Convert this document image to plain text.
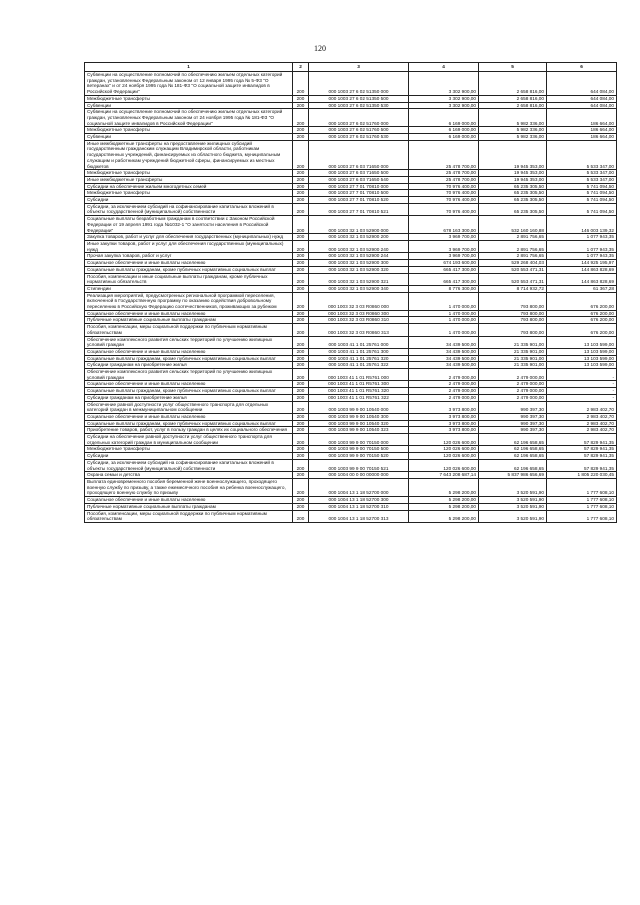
120
1	2	3	4	5	6
Субвенции на осуществление полномочий по обеспечению жильем отдельных категорий граждан, установленных Федеральным законом от 12 января 1995 года № 5-ФЗ "О ветеранах" и от 24 ноября 1995 года № 181-ФЗ "О социальной защите инвалидов в Российской Федерации"	200	000 1003 27 6 02 51350 000	3 302 900,00	2 658 816,00	644 084,00
Межбюджетные трансферты	200	000 1003 27 6 02 51350 500	3 302 900,00	2 658 816,00	644 084,00
Субвенции	200	000 1003 27 6 02 51350 530	3 302 900,00	2 658 816,00	644 084,00
Субвенции на осуществление полномочий по обеспечению жильем отдельных категорий граждан, установленных Федеральным законом от 24 ноября 1995 года № 181-ФЗ "О социальной защите инвалидов в Российской Федерации"	200	000 1003 27 6 02 51760 000	6 169 000,00	5 982 336,00	186 664,00
Межбюджетные трансферты	200	000 1003 27 6 02 51760 500	6 169 000,00	5 982 336,00	186 664,00
Субвенции	200	000 1003 27 6 02 51760 530	6 169 000,00	5 982 336,00	186 664,00
Иные межбюджетные трансферты на предоставление жилищных субсидий государственным гражданским служащим Владимирской области, работникам государственных учреждений, финансируемых из областного бюджета, муниципальным служащим и работникам учреждений бюджетной сферы, финансируемых из местных бюджетов	200	000 1003 27 6 03 71650 000	25 478 700,00	19 945 353,00	5 533 347,00
Межбюджетные трансферты	200	000 1003 27 6 03 71650 500	25 478 700,00	19 945 353,00	5 533 347,00
Иные межбюджетные трансферты	200	000 1003 27 6 03 71650 540	25 478 700,00	19 945 353,00	5 533 347,00
Субсидии на обеспечение жильем многодетных семей	200	000 1003 27 7 01 70810 000	70 976 400,00	65 235 305,50	5 741 094,50
Межбюджетные трансферты	200	000 1003 27 7 01 70810 500	70 976 400,00	65 235 305,50	5 741 094,50
Субсидии	200	000 1003 27 7 01 70810 520	70 976 400,00	65 235 305,50	5 741 094,50
Субсидии, за исключением субсидий на софинансирование капитальных вложений в объекты государственной (муниципальной) собственности	200	000 1003 27 7 01 70810 521	70 976 400,00	65 235 305,50	5 741 094,50
Социальные выплаты безработным гражданам в соответствии с Законом Российской Федерации от 19 апреля 1991 года №1032-1 "О занятости населения в Российской Федерации"	200	000 1003 32 1 03 52900 000	678 163 300,00	532 160 160,88	146 003 139,32
Закупка товаров, работ и услуг для обеспечения государственных (муниципальных) нужд	200	000 1003 32 1 03 52900 200	3 969 700,00	2 891 756,65	1 077 943,35
Иные закупки товаров, работ и услуг для обеспечения государственных (муниципальных) нужд	200	000 1003 32 1 03 52900 240	3 969 700,00	2 891 756,65	1 077 943,35
Прочая закупка товаров, работ и услуг	200	000 1003 32 1 03 52900 244	3 969 700,00	2 891 756,65	1 077 943,35
Социальное обеспечение и иные выплаты населению	200	000 1003 32 1 03 52900 300	674 193 600,00	529 268 404,03	144 925 195,97
Социальные выплаты гражданам, кроме публичных нормативных социальных выплат	200	000 1003 32 1 03 52900 320	665 417 300,00	520 553 471,31	144 863 828,69
Пособия, компенсации и иные социальные выплаты гражданам, кроме публичных нормативных обязательств	200	000 1003 32 1 03 52900 321	665 417 300,00	520 553 471,31	144 863 828,69
Стипендии	200	000 1003 32 1 03 52900 340	8 776 300,00	8 714 932,72	61 367,28
Реализация мероприятий, предусмотренных региональной программой переселения, включенной в Государственную программу по оказанию содействия добровольному переселению в Российскую Федерацию соотечественников, проживающих за рубежом	200	000 1003 32 3 03 R0860 000	1 470 000,00	793 800,00	676 200,00
Социальное обеспечение и иные выплаты населению	200	000 1003 32 3 03 R0860 300	1 470 000,00	793 800,00	676 200,00
Публичные нормативные социальные выплаты гражданам	200	000 1003 32 3 03 R0860 310	1 470 000,00	793 800,00	676 200,00
Пособия, компенсации, меры социальной поддержки по публичным нормативным обязательствам	200	000 1003 32 3 03 R0860 313	1 470 000,00	793 800,00	676 200,00
Обеспечение комплексного развития сельских территорий по улучшению жилищных условий граждан	200	000 1003 41 1 01 25761 000	34 439 500,00	21 335 901,00	13 103 599,00
Социальное обеспечение и иные выплаты населению	200	000 1003 41 1 01 25761 300	34 439 500,00	21 335 901,00	13 103 599,00
Социальные выплаты гражданам, кроме публичных нормативных социальных выплат	200	000 1003 41 1 01 25761 320	34 439 500,00	21 335 901,00	13 103 599,00
Субсидии гражданам на приобретение жилья	200	000 1003 41 1 01 25761 322	34 439 500,00	21 335 901,00	13 103 599,00
Обеспечение комплексного развития сельских территорий по улучшению жилищных условий граждан	200	000 1003 41 1 01 R5761 000	2 479 000,00	2 479 000,00	-
Социальное обеспечение и иные выплаты населению	200	000 1003 41 1 01 R5761 300	2 479 000,00	2 479 000,00	-
Социальные выплаты гражданам, кроме публичных нормативных социальных выплат	200	000 1003 41 1 01 R5761 320	2 479 000,00	2 479 000,00	-
Субсидии гражданам на приобретение жилья	200	000 1003 41 1 01 R5761 322	2 479 000,00	2 479 000,00	-
Обеспечение равной доступности услуг общественного транспорта для отдельных категорий граждан в межмуниципальном сообщении	200	000 1003 99 9 00 10540 000	3 973 800,00	990 397,30	2 983 402,70
Социальное обеспечение и иные выплаты населению	200	000 1003 99 9 00 10540 300	3 973 800,00	990 397,30	2 983 402,70
Социальные выплаты гражданам, кроме публичных нормативных социальных выплат	200	000 1003 99 9 00 10540 320	3 973 800,00	990 397,30	2 983 402,70
Приобретение товаров, работ, услуг в пользу граждан в целях их социального обеспечения	200	000 1003 99 9 00 10540 323	3 973 800,00	990 397,30	2 983 402,70
Субсидии на обеспечение равной доступности услуг общественного транспорта для отдельных категорий граждан в муниципальном сообщении	200	000 1003 99 9 00 70150 000	120 026 600,00	62 196 658,65	57 829 941,35
Межбюджетные трансферты	200	000 1003 99 9 00 70150 500	120 026 600,00	62 196 658,65	57 829 941,35
Субсидии	200	000 1003 99 9 00 70150 520	120 026 600,00	62 196 658,65	57 829 941,35
Субсидии, за исключением субсидий на софинансирование капитальных вложений в объекты государственной (муниципальной) собственности	200	000 1003 99 9 00 70150 521	120 026 600,00	62 196 658,65	57 829 941,35
Охрана семьи и детства	200	000 1004 00 0 00 00000 000	7 643 208 687,14	5 837 986 656,69	1 805 220 030,45
Выплата единовременного пособия беременной жене военнослужащего, проходящего военную службу по призыву, а также ежемесячного пособия на ребенка военнослужащего, проходящего военную службу по призыву	200	000 1004 13 1 18 52700 000	5 298 200,00	3 520 591,90	1 777 608,10
Социальное обеспечение и иные выплаты населению	200	000 1004 13 1 18 52700 300	5 298 200,00	3 520 591,90	1 777 608,10
Публичные нормативные социальные выплаты гражданам	200	000 1004 13 1 18 52700 310	5 298 200,00	3 520 591,90	1 777 608,10
Пособия, компенсации, меры социальной поддержки по публичным нормативным обязательствам	200	000 1004 13 1 18 52700 313	5 298 200,00	3 520 591,90	1 777 608,10
